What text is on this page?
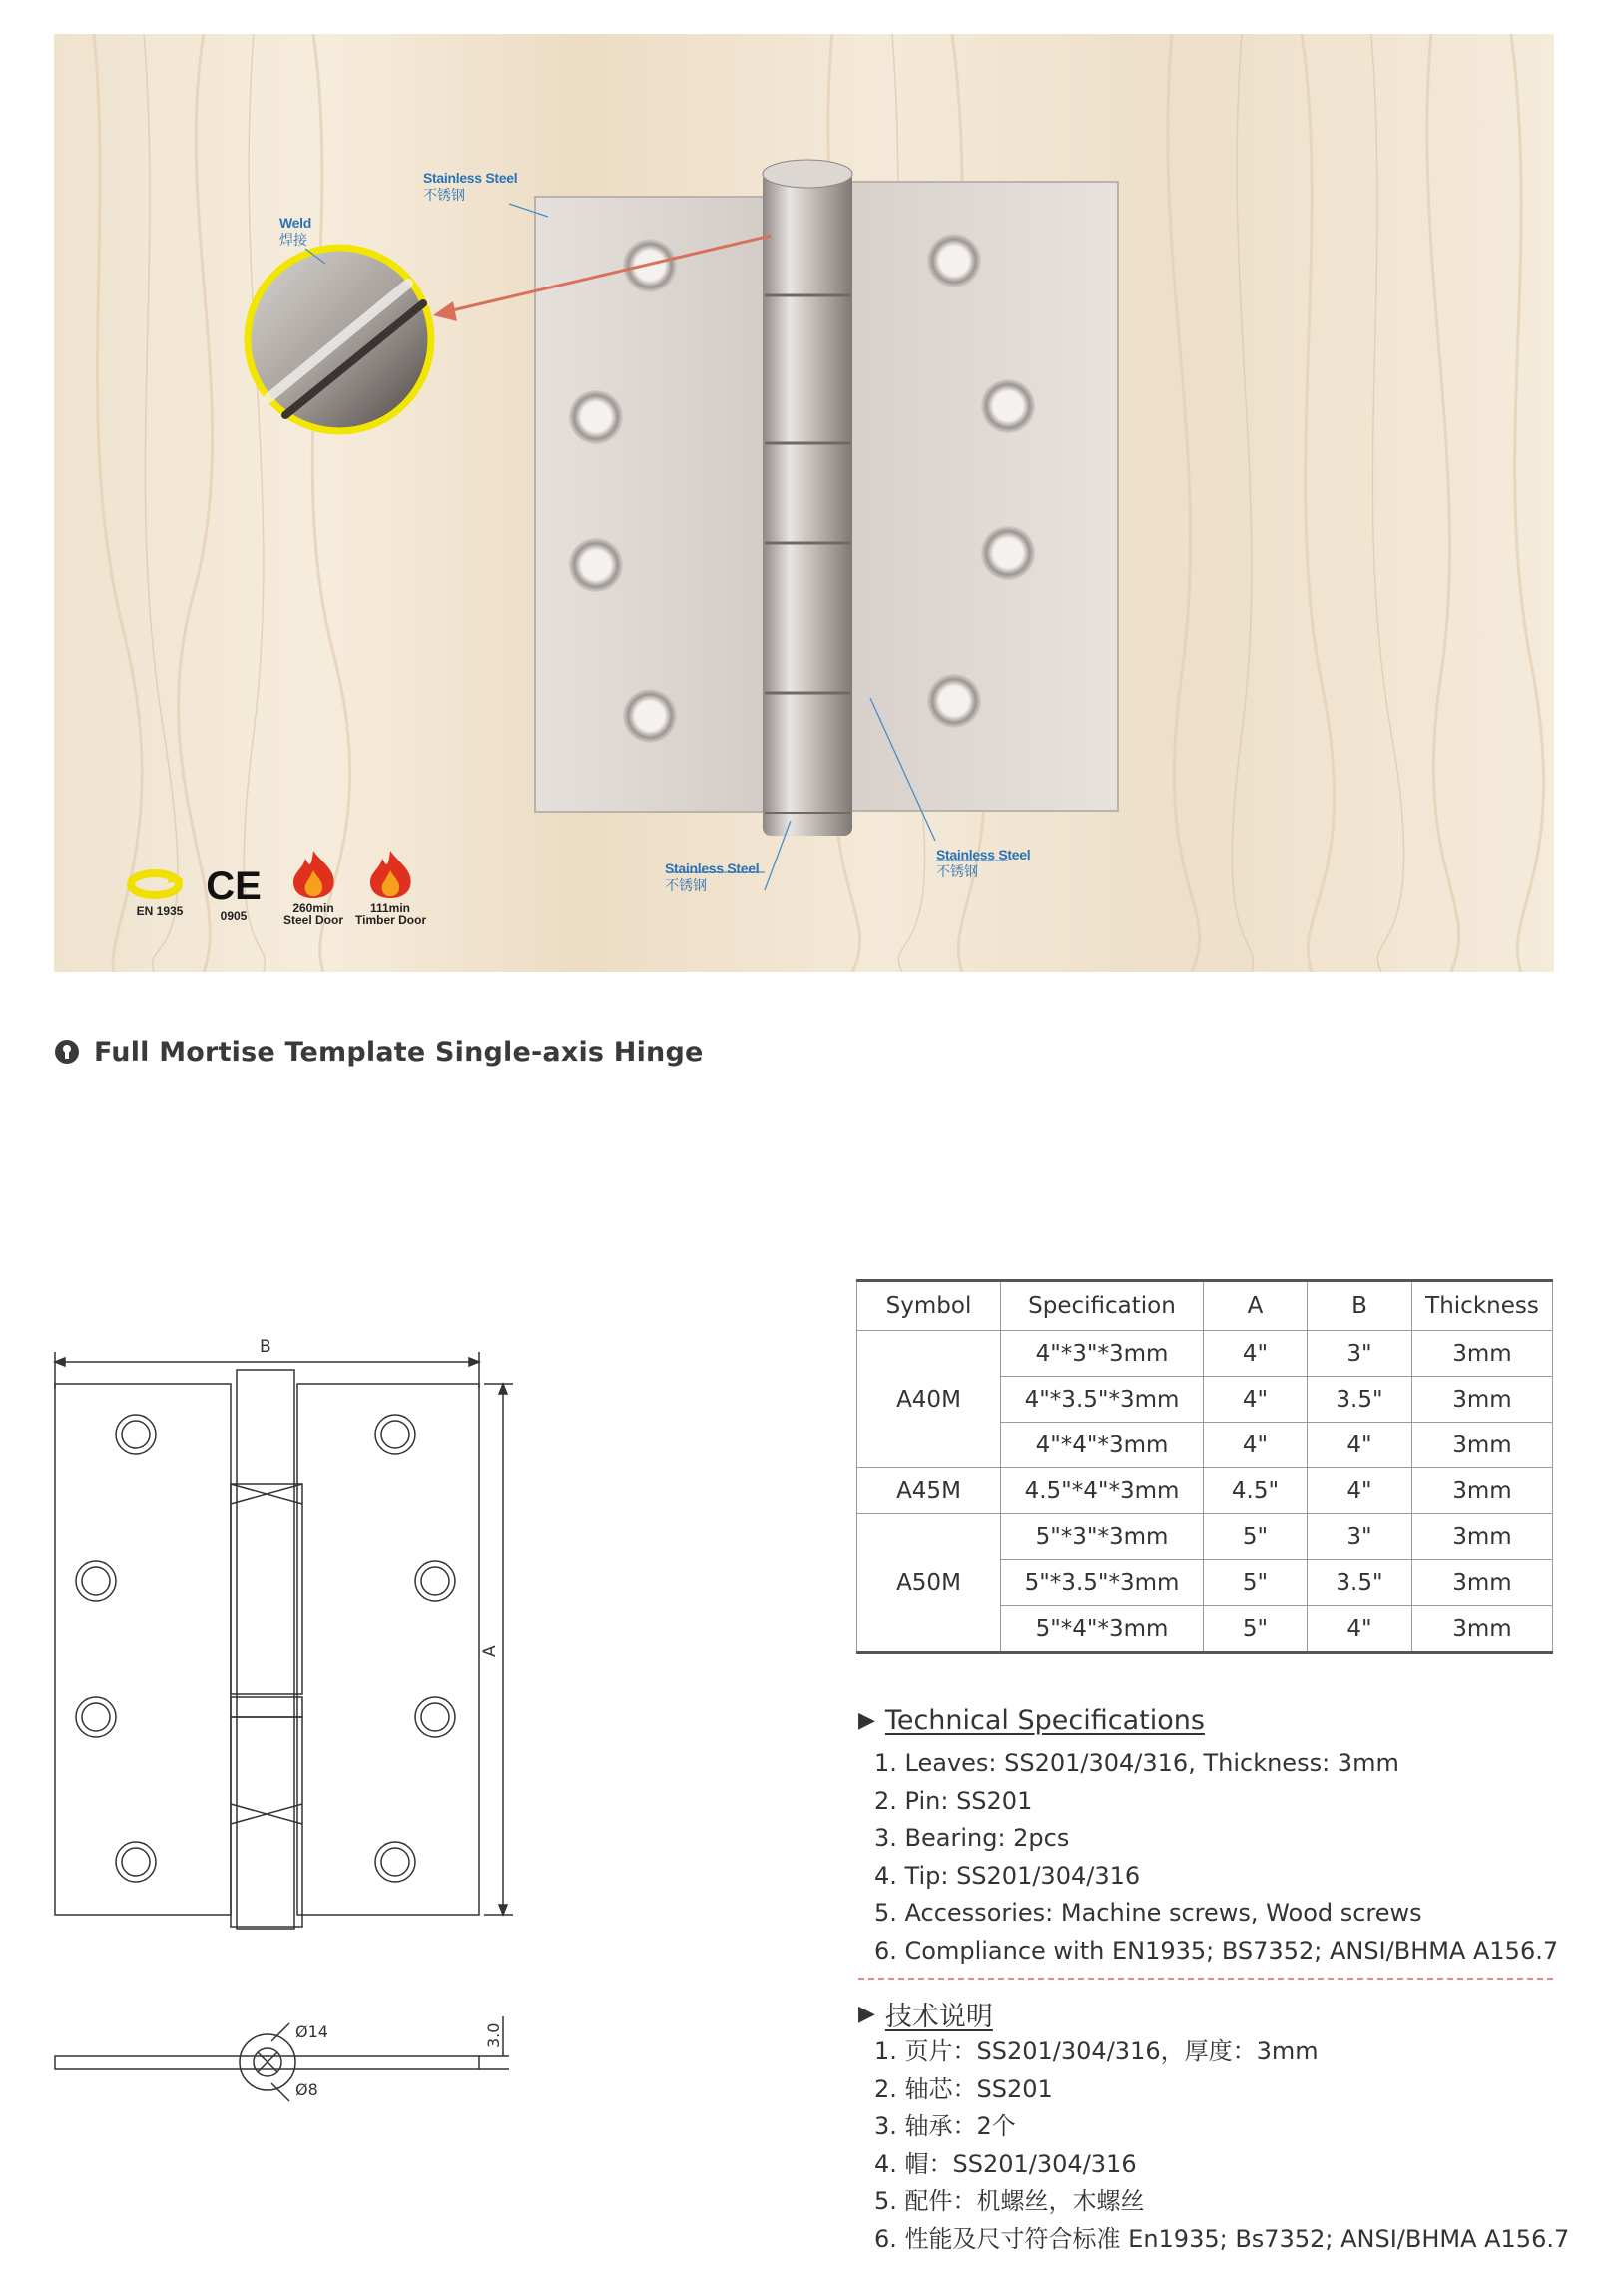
Stainless Steel
不锈钢
Weld
焊接
Stainless Steel
不锈钢
Stainless Steel
不锈钢
EN 1935
CE
0905
260min
Steel Door
111min
Timber Door
Full Mortise Template Single-axis Hinge
B
A
Ø14
Ø8
3.0
Symbol	Specification	A	B	Thickness
A40M	4"*3"*3mm	4"	3"	3mm
	4"*3.5"*3mm	4"	3.5"	3mm
	4"*4"*3mm	4"	4"	3mm
A45M	4.5"*4"*3mm	4.5"	4"	3mm
A50M	5"*3"*3mm	5"	3"	3mm
	5"*3.5"*3mm	5"	3.5"	3mm
	5"*4"*3mm	5"	4"	3mm
▶ Technical Specifications
1. Leaves: SS201/304/316, Thickness: 3mm
2. Pin: SS201
3. Bearing: 2pcs
4. Tip: SS201/304/316
5. Accessories: Machine screws, Wood screws
6. Compliance with EN1935; BS7352; ANSI/BHMA A156.7
▶ 技术说明
1. 页片：SS201/304/316，厚度：3mm
2. 轴芯：SS201
3. 轴承：2个
4. 帽：SS201/304/316
5. 配件：机螺丝，木螺丝
6. 性能及尺寸符合标准 En1935; Bs7352; ANSI/BHMA A156.7
